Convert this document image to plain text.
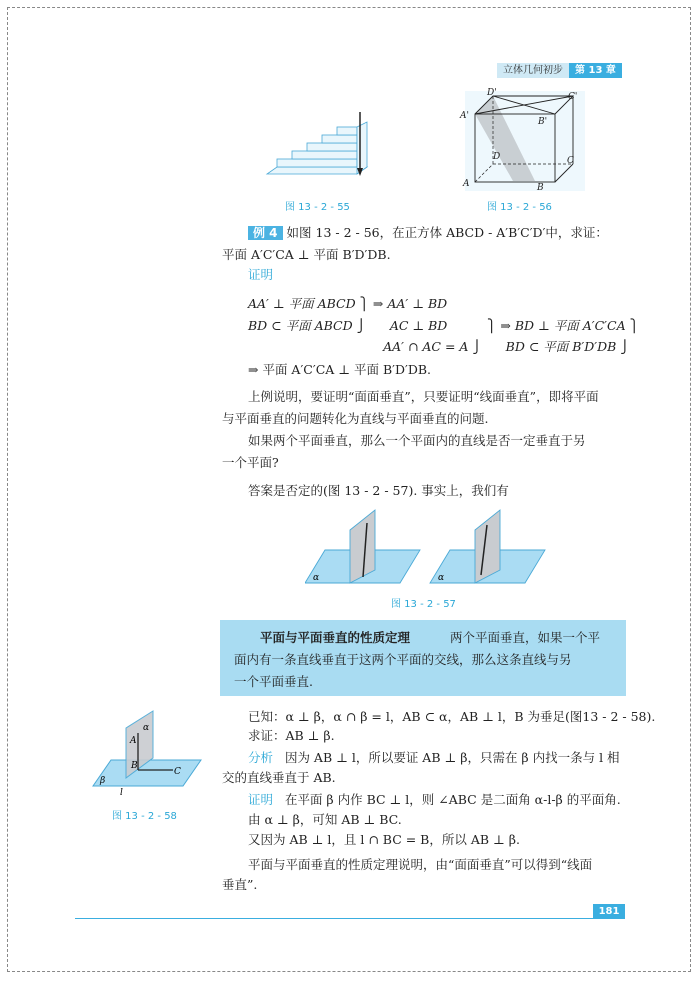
立体几何初步	第 13 章
图 13 - 2 - 55
D'	C'
A'
B'
D	C
A	B
图 13 - 2 - 56
例 4 如图 13 - 2 - 56，在正方体 ABCD - A′B′C′D′中，求证：
平面 A′C′CA ⊥ 平面 B′D′DB.
证明
AA′ ⊥ 平面 ABCD ⎫ ⇒ AA′ ⊥ BD
BD ⊂ 平面 ABCD ⎭      AC ⊥ BD          ⎫ ⇒ BD ⊥ 平面 A′C′CA ⎫
AA′ ∩ AC = A ⎭      BD ⊂ 平面 B′D′DB ⎭
⇒ 平面 A′C′CA ⊥ 平面 B′D′DB.
上例说明，要证明“面面垂直”，只要证明“线面垂直”，即将平面
与平面垂直的问题转化为直线与平面垂直的问题.
如果两个平面垂直，那么一个平面内的直线是否一定垂直于另
一个平面?
答案是否定的(图 13 - 2 - 57). 事实上，我们有
α	α
图 13 - 2 - 57
平面与平面垂直的性质定理	两个平面垂直，如果一个平
面内有一条直线垂直于这两个平面的交线，那么这条直线与另
一个平面垂直.
α
A
B
C
β
l
图 13 - 2 - 58
已知：α ⊥ β，α ∩ β = l，AB ⊂ α，AB ⊥ l，B 为垂足(图13 - 2 - 58).
求证：AB ⊥ β.
分析 因为 AB ⊥ l，所以要证 AB ⊥ β，只需在 β 内找一条与 l 相
交的直线垂直于 AB.
证明 在平面 β 内作 BC ⊥ l，则 ∠ABC 是二面角 α-l-β 的平面角.
由 α ⊥ β，可知 AB ⊥ BC.
又因为 AB ⊥ l，且 l ∩ BC = B，所以 AB ⊥ β.
平面与平面垂直的性质定理说明，由“面面垂直”可以得到“线面
垂直”.
181
